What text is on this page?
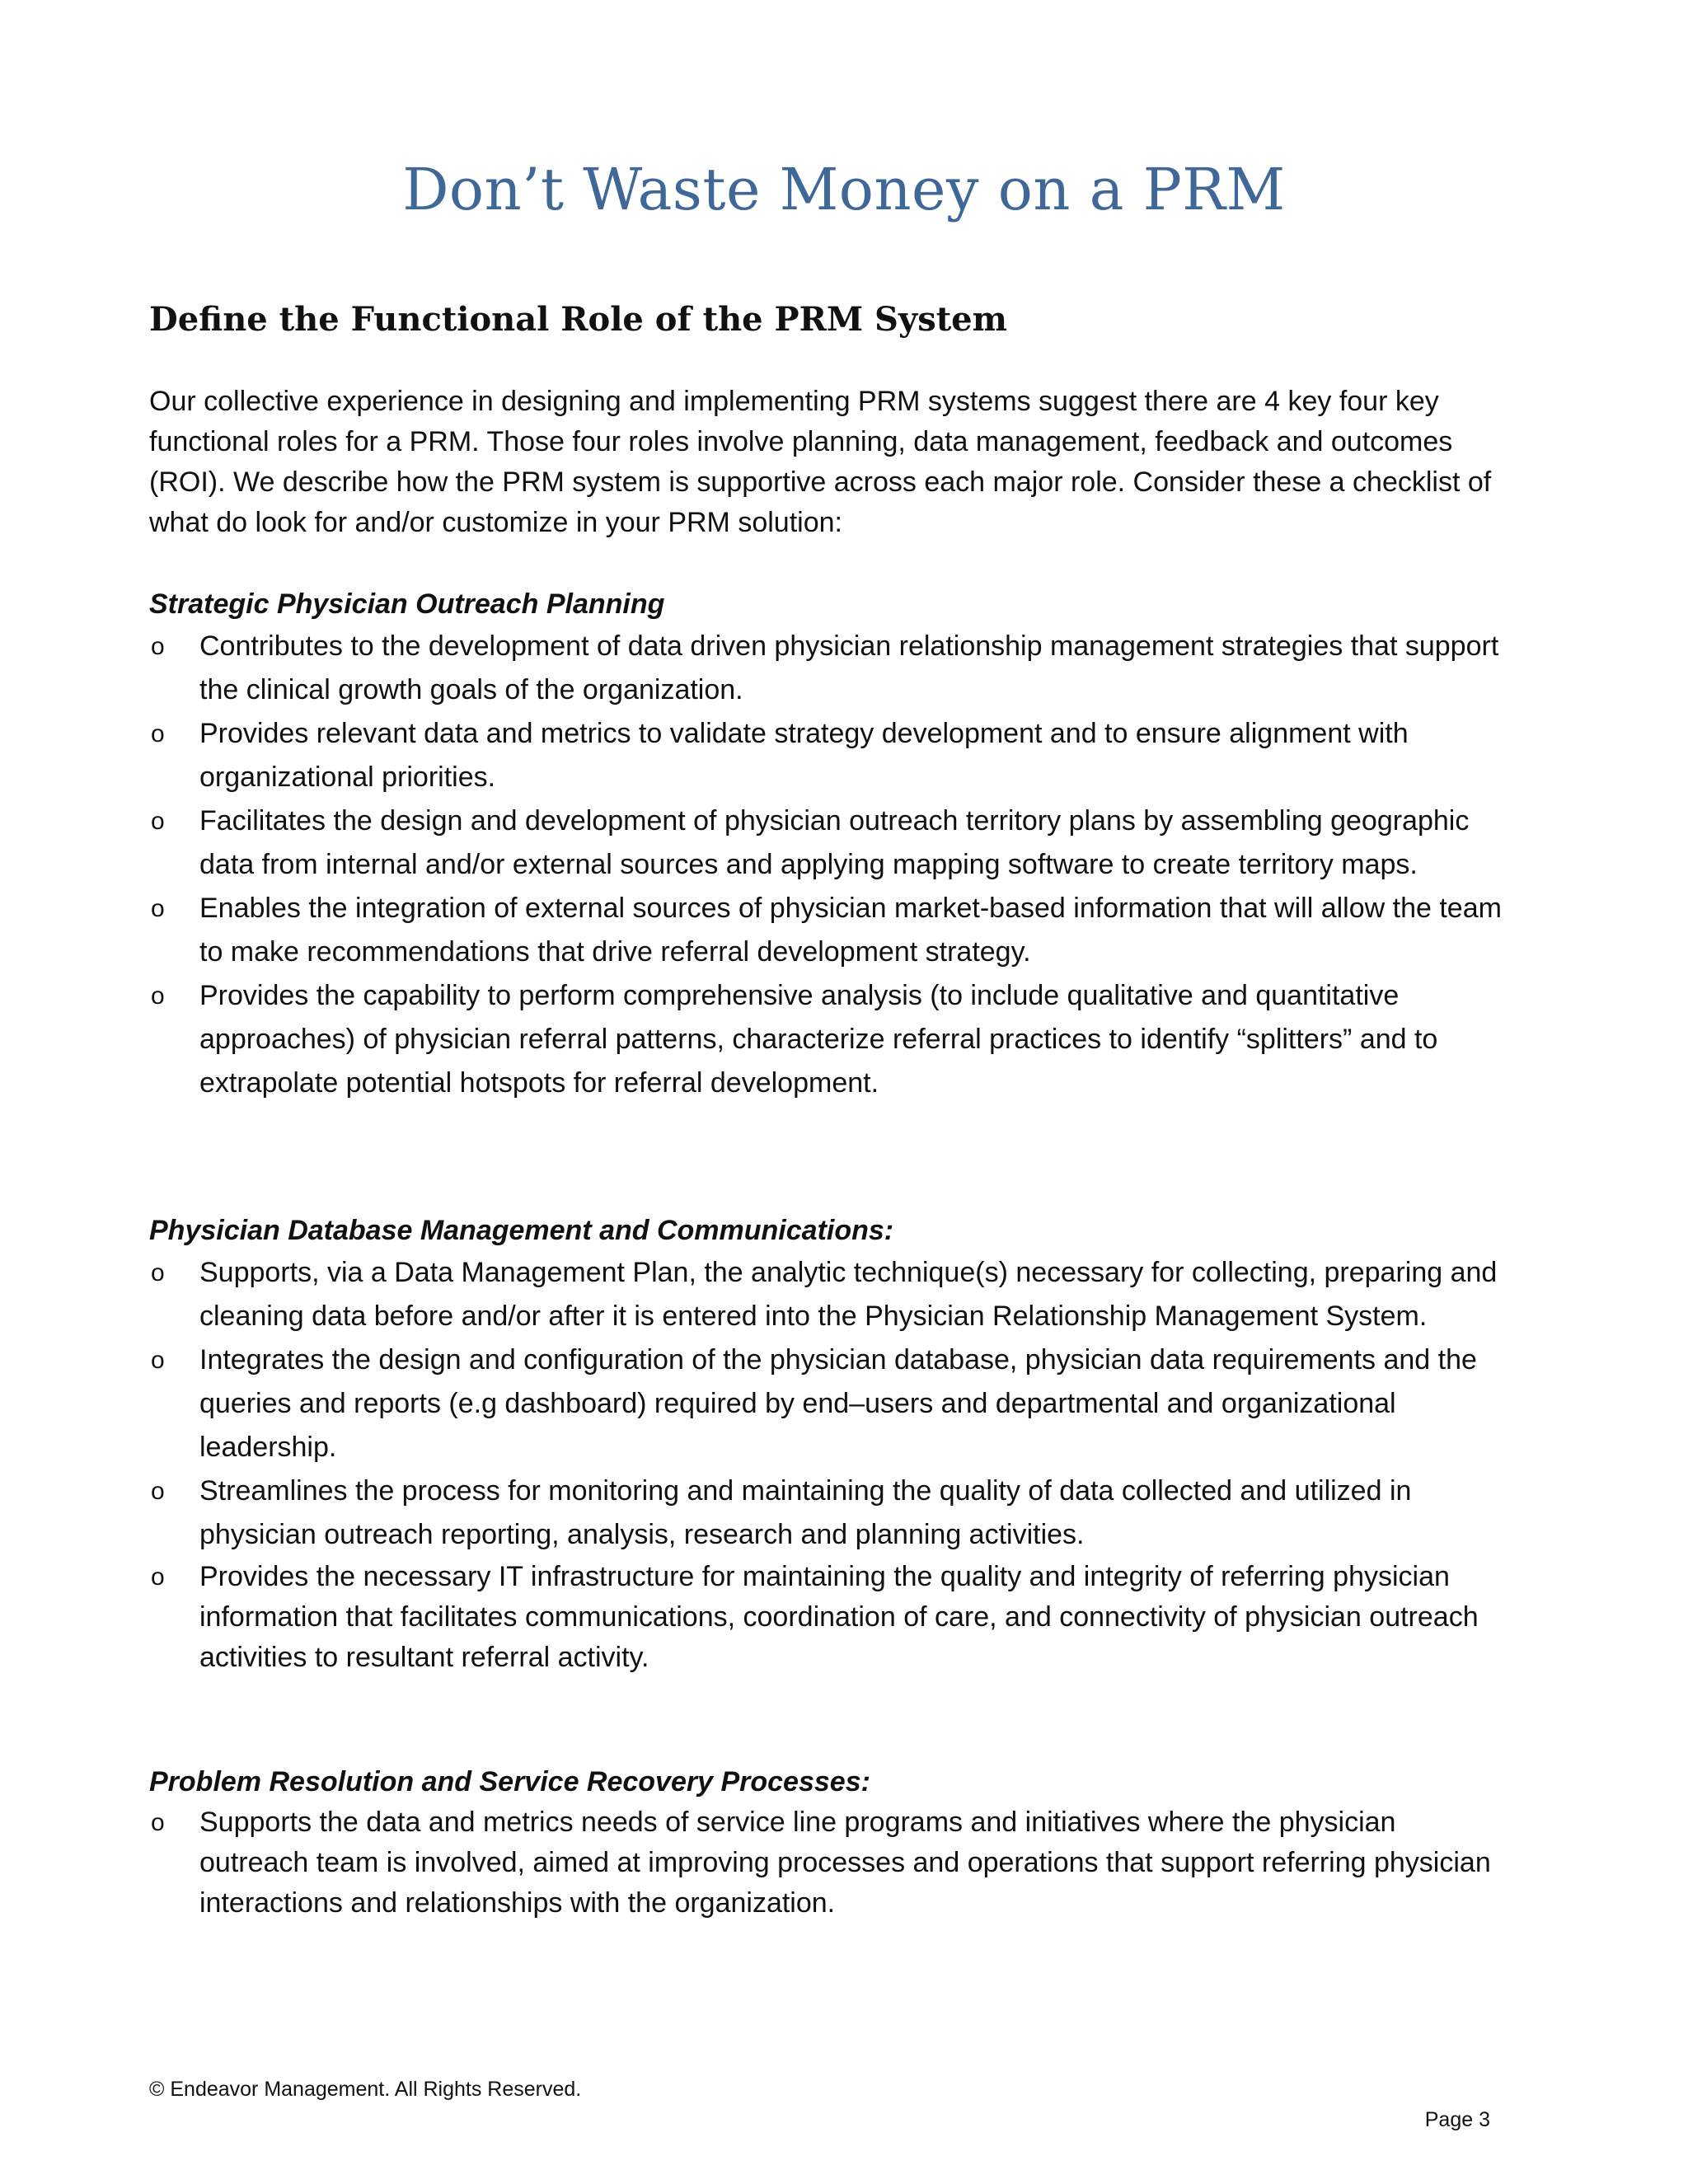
Don’t Waste Money on a PRM
Define the Functional Role of the PRM System

Our collective experience in designing and implementing PRM systems suggest there are 4 key four key functional roles for a PRM. Those four roles involve planning, data management, feedback and outcomes (ROI). We describe how the PRM system is supportive across each major role. Consider these a checklist of what do look for and/or customize in your PRM solution:

Strategic Physician Outreach Planning

o Contributes to the development of data driven physician relationship management strategies that support the clinical growth goals of the organization.
o Provides relevant data and metrics to validate strategy development and to ensure alignment with organizational priorities.
o Facilitates the design and development of physician outreach territory plans by assembling geographic data from internal and/or external sources and applying mapping software to create territory maps.
o Enables the integration of external sources of physician market-based information that will allow the team to make recommendations that drive referral development strategy.
o Provides the capability to perform comprehensive analysis (to include qualitative and quantitative approaches) of physician referral patterns, characterize referral practices to identify “splitters” and to extrapolate potential hotspots for referral development.

Physician Database Management and Communications:

o Supports, via a Data Management Plan, the analytic technique(s) necessary for collecting, preparing and cleaning data before and/or after it is entered into the Physician Relationship Management System.
o Integrates the design and configuration of the physician database, physician data requirements and the queries and reports (e.g dashboard) required by end–users and departmental and organizational leadership.
o Streamlines the process for monitoring and maintaining the quality of data collected and utilized in physician outreach reporting, analysis, research and planning activities.
o Provides the necessary IT infrastructure for maintaining the quality and integrity of referring physician information that facilitates communications, coordination of care, and connectivity of physician outreach activities to resultant referral activity.

Problem Resolution and Service Recovery Processes:

o Supports the data and metrics needs of service line programs and initiatives where the physician outreach team is involved, aimed at improving processes and operations that support referring physician interactions and relationships with the organization.

© Endeavor Management. All Rights Reserved.

Page 3
